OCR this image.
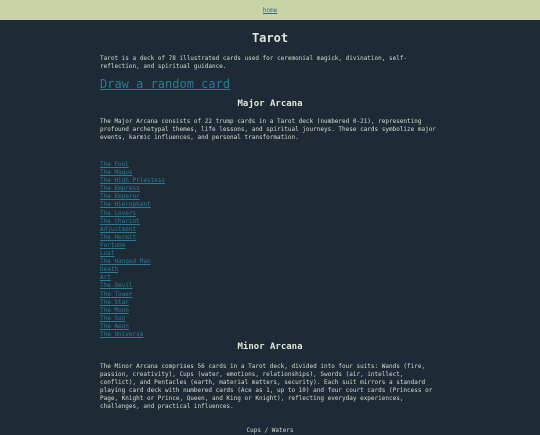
home
Tarot

Tarot is a deck of 78 illustrated cards used for ceremonial magick, divination, self-reflection, and spiritual guidance.

Draw a random card
Major Arcana

The Major Arcana consists of 22 trump cards in a Tarot deck (numbered 0-21), representing profound archetypal themes, life lessons, and spiritual journeys. These cards symbolize major events, karmic influences, and personal transformation.

The Fool
The Magus
The High Priestess
The Empress
The Emperor
The Hierophant
The Lovers
The Chariot
Adjustment
The Hermit
Fortune
Lust
The Hanged Man
Death
Art
The Devil
The Tower
The Star
The Moon
The Sun
The Aeon
The Universe
Minor Arcana

The Minor Arcana comprises 56 cards in a Tarot deck, divided into four suits: Wands (fire, passion, creativity), Cups (water, emotions, relationships), Swords (air, intellect, conflict), and Pentacles (earth, material matters, security). Each suit mirrors a standard playing card deck with numbered cards (Ace as 1, up to 10) and four court cards (Princess or Page, Knight or Prince, Queen, and King or Knight), reflecting everyday experiences, challenges, and practical influences.

Cups / Waters
